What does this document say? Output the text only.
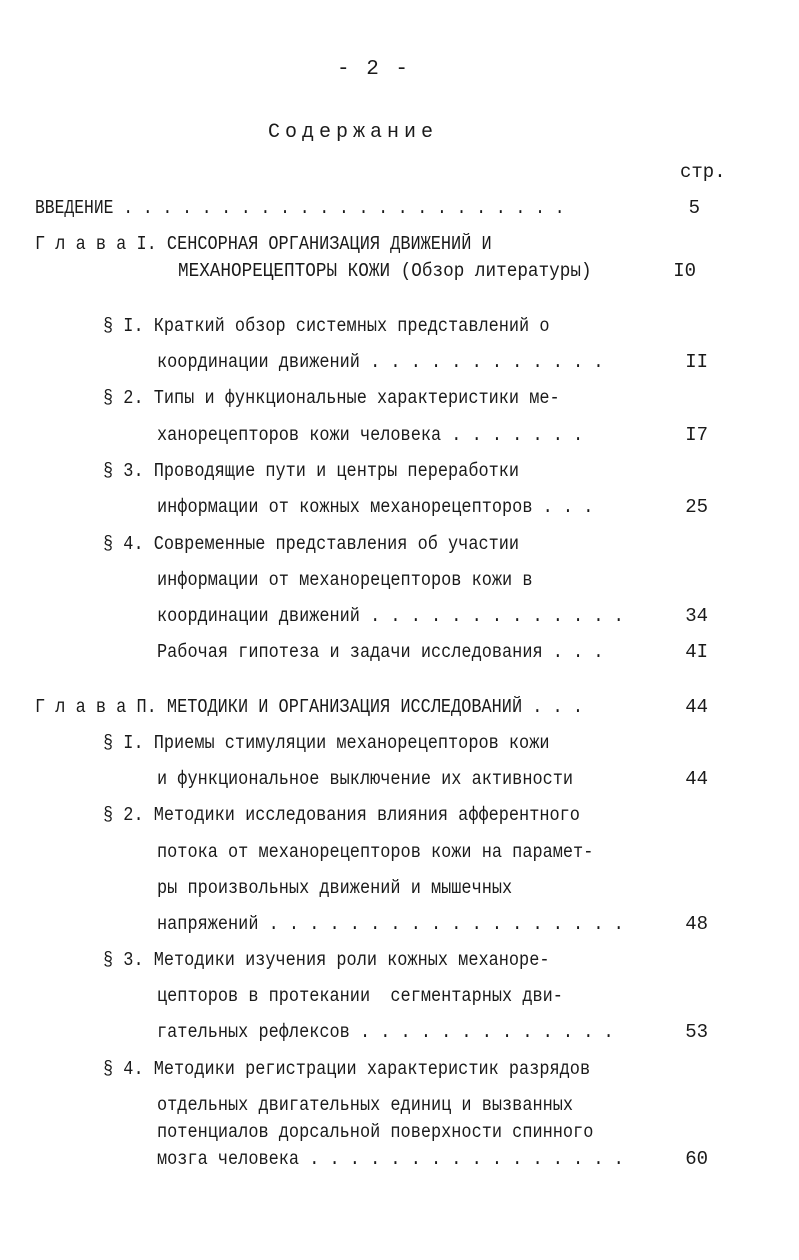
- 2 -
Содержание
стр.
ВВЕДЕНИЕ . . . . . . . . . . . . . . . . . . . . . . .	5
Г л а в а I. СЕНСОРНАЯ ОРГАНИЗАЦИЯ ДВИЖЕНИЙ И
МЕХАНОРЕЦЕПТОРЫ КОЖИ (Обзор литературы)	I0
§ I. Краткий обзор системных представлений о
координации движений . . . . . . . . . . . .	II
§ 2. Типы и функциональные характеристики ме-
ханорецепторов кожи человека . . . . . . .	I7
§ 3. Проводящие пути и центры переработки
информации от кожных механорецепторов . . .	25
§ 4. Современные представления об участии
информации от механорецепторов кожи в
координации движений . . . . . . . . . . . . .	34
Рабочая гипотеза и задачи исследования . . .	4I
Г л а в а П. МЕТОДИКИ И ОРГАНИЗАЦИЯ ИССЛЕДОВАНИЙ . . .	44
§ I. Приемы стимуляции механорецепторов кожи
и функциональное выключение их активности	44
§ 2. Методики исследования влияния афферентного
потока от механорецепторов кожи на парамет-
ры произвольных движений и мышечных
напряжений . . . . . . . . . . . . . . . . . .	48
§ 3. Методики изучения роли кожных механоре-
цепторов в протекании  сегментарных дви-
гательных рефлексов . . . . . . . . . . . . .	53
§ 4. Методики регистрации характеристик разрядов
отдельных двигательных единиц и вызванных
потенциалов дорсальной поверхности спинного
мозга человека . . . . . . . . . . . . . . . .	60
